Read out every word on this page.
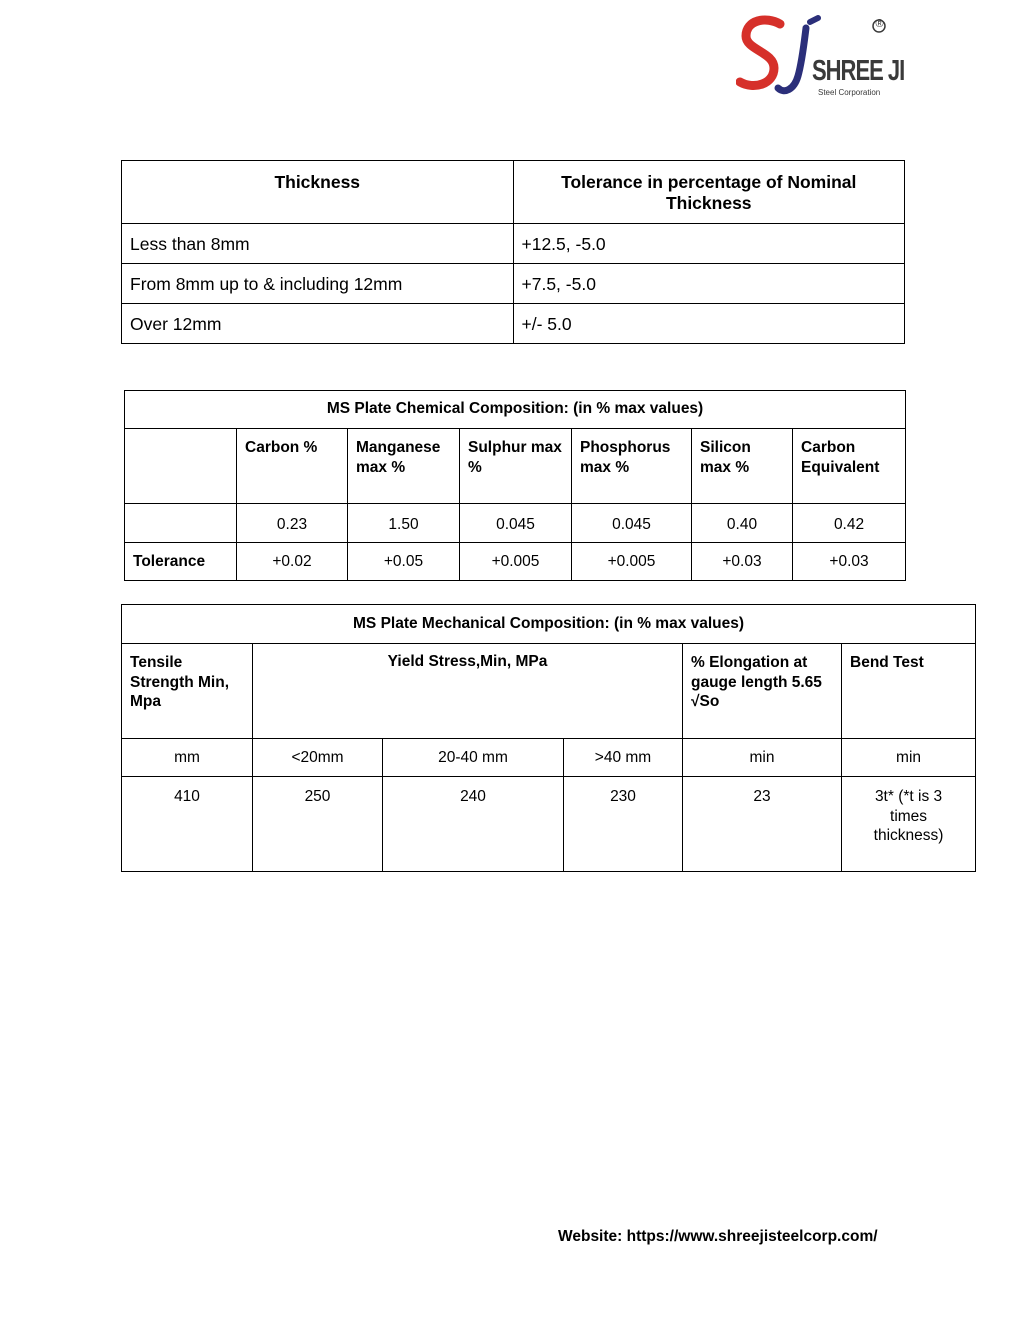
®
SHREE JI
Steel Corporation
Thickness	Tolerance in percentage of Nominal Thickness
Less than 8mm	+12.5, -5.0
From 8mm up to & including 12mm	+7.5, -5.0
Over 12mm	+/- 5.0
MS Plate Chemical Composition: (in % max values)						
	Carbon %	Manganese max %	Sulphur max %	Phosphorus max %	Silicon max %	Carbon Equivalent
	0.23	1.50	0.045	0.045	0.40	0.42
Tolerance	+0.02	+0.05	+0.005	+0.005	+0.03	+0.03
MS Plate Mechanical Composition: (in % max values)					
Tensile Strength Min, Mpa	Yield Stress,Min, MPa			% Elongation at gauge length 5.65 √So	Bend Test
mm	<20mm	20-40 mm	>40 mm	min	min
410	250	240	230	23	3t* (*t is 3 times thickness)
Website: https://www.shreejisteelcorp.com/
